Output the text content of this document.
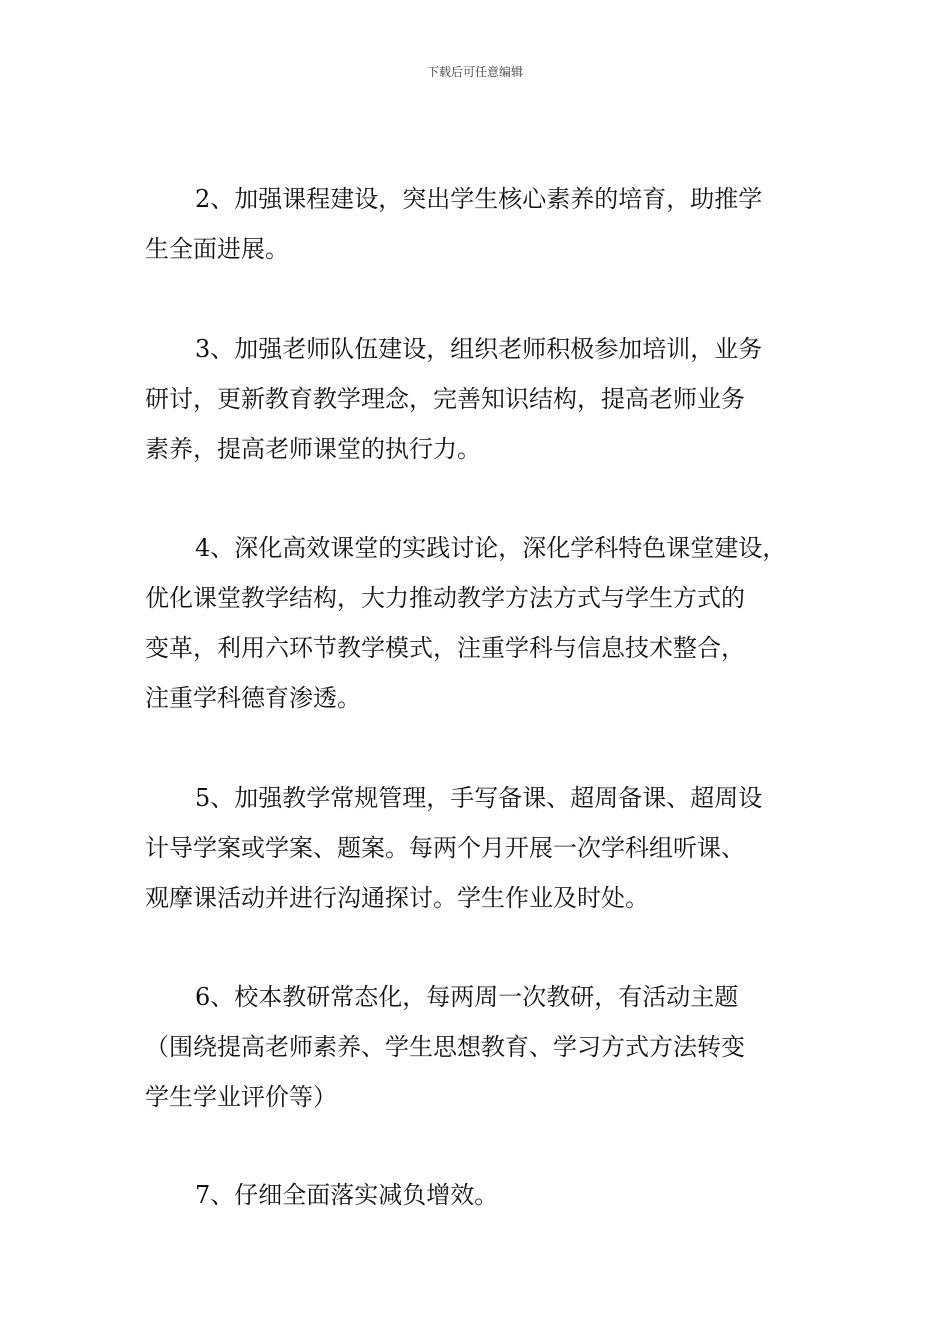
下载后可任意编辑

2、加强课程建设，突出学生核心素养的培育，助推学
生全面进展。

3、加强老师队伍建设，组织老师积极参加培训，业务
研讨，更新教育教学理念，完善知识结构，提高老师业务
素养，提高老师课堂的执行力。

4、深化高效课堂的实践讨论，深化学科特色课堂建设，
优化课堂教学结构，大力推动教学方法方式与学生方式的
变革，利用六环节教学模式，注重学科与信息技术整合，
注重学科德育渗透。

5、加强教学常规管理，手写备课、超周备课、超周设
计导学案或学案、题案。每两个月开展一次学科组听课、
观摩课活动并进行沟通探讨。学生作业及时处。

6、校本教研常态化，每两周一次教研，有活动主题
（围绕提高老师素养、学生思想教育、学习方式方法转变
学生学业评价等）

7、仔细全面落实减负增效。
